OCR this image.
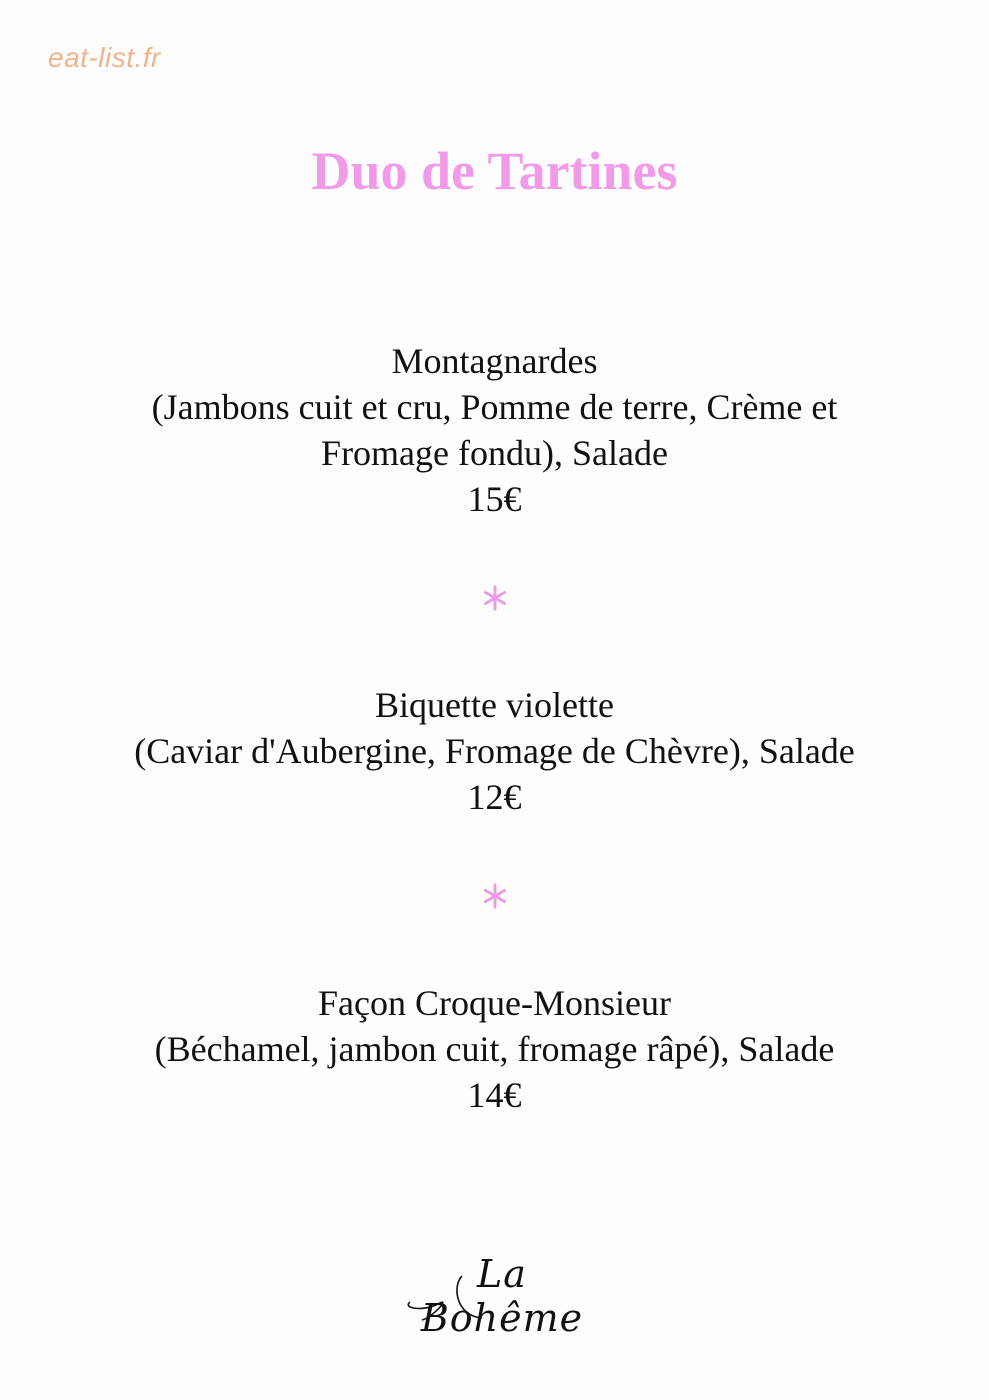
eat-list.fr
Duo de Tartines
Montagnardes
(Jambons cuit et cru, Pomme de terre, Crème et
Fromage fondu), Salade
15€
Biquette violette
(Caviar d'Aubergine, Fromage de Chèvre), Salade
12€
Façon Croque-Monsieur
(Béchamel, jambon cuit, fromage râpé), Salade
14€
La Bohême
